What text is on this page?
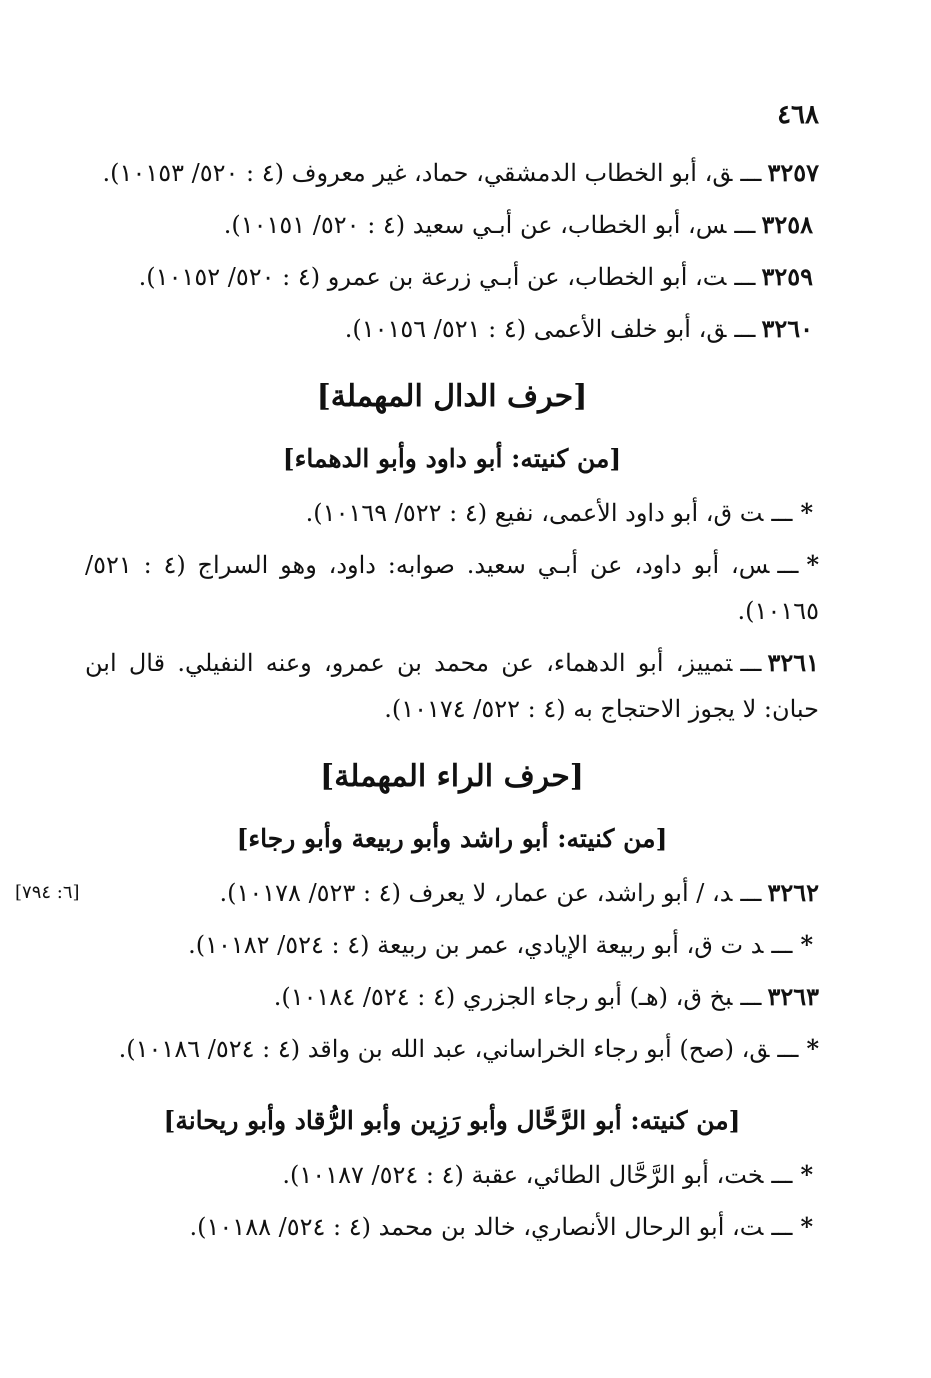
٤٦٨

٣٢٥٧ـــق، أبو الخطاب الدمشقي، حماد، غير معروف (٤ : ٥٢٠/ ١٠١٥٣).

٣٢٥٨ـــس، أبو الخطاب، عن أبـي سعيد (٤ : ٥٢٠/ ١٠١٥١).

٣٢٥٩ـــت، أبو الخطاب، عن أبـي زرعة بن عمرو (٤ : ٥٢٠/ ١٠١٥٢).

٣٢٦٠ـــق، أبو خلف الأعمى (٤ : ٥٢١/ ١٠١٥٦).

[حرف الدال المهملة]
[من كنيته: أبو داود وأبو الدهماء]

*ـــت ق، أبو داود الأعمى، نفيع (٤ : ٥٢٢/ ١٠١٦٩).

*ـــس، أبو داود، عن أبـي سعيد. صوابه: داود، وهو السراج (٤ : ٥٢١/ ١٠١٦٥).

٣٢٦١ـــتمييز، أبو الدهماء، عن محمد بن عمرو، وعنه النفيلي. قال ابن حبان: لا يجوز الاحتجاج به (٤ : ٥٢٢/ ١٠١٧٤).

[حرف الراء المهملة]
[من كنيته: أبو راشد وأبو ربيعة وأبو رجاء]

[٦: ٧٩٤]	٣٢٦٢ـــد، / أبو راشد، عن عمار، لا يعرف (٤ : ٥٢٣/ ١٠١٧٨).

*ـــد ت ق، أبو ربيعة الإيادي، عمر بن ربيعة (٤ : ٥٢٤/ ١٠١٨٢).

٣٢٦٣ـــبخ ق، (هـ) أبو رجاء الجزري (٤ : ٥٢٤/ ١٠١٨٤).

*ـــق، (صح) أبو رجاء الخراساني، عبد الله بن واقد (٤ : ٥٢٤/ ١٠١٨٦).

[من كنيته: أبو الرَّحَّال وأبو رَزِين وأبو الرُّقاد وأبو ريحانة]

*ـــخت، أبو الرَّحَّال الطائي، عقبة (٤ : ٥٢٤/ ١٠١٨٧).

*ـــت، أبو الرحال الأنصاري، خالد بن محمد (٤ : ٥٢٤/ ١٠١٨٨).
